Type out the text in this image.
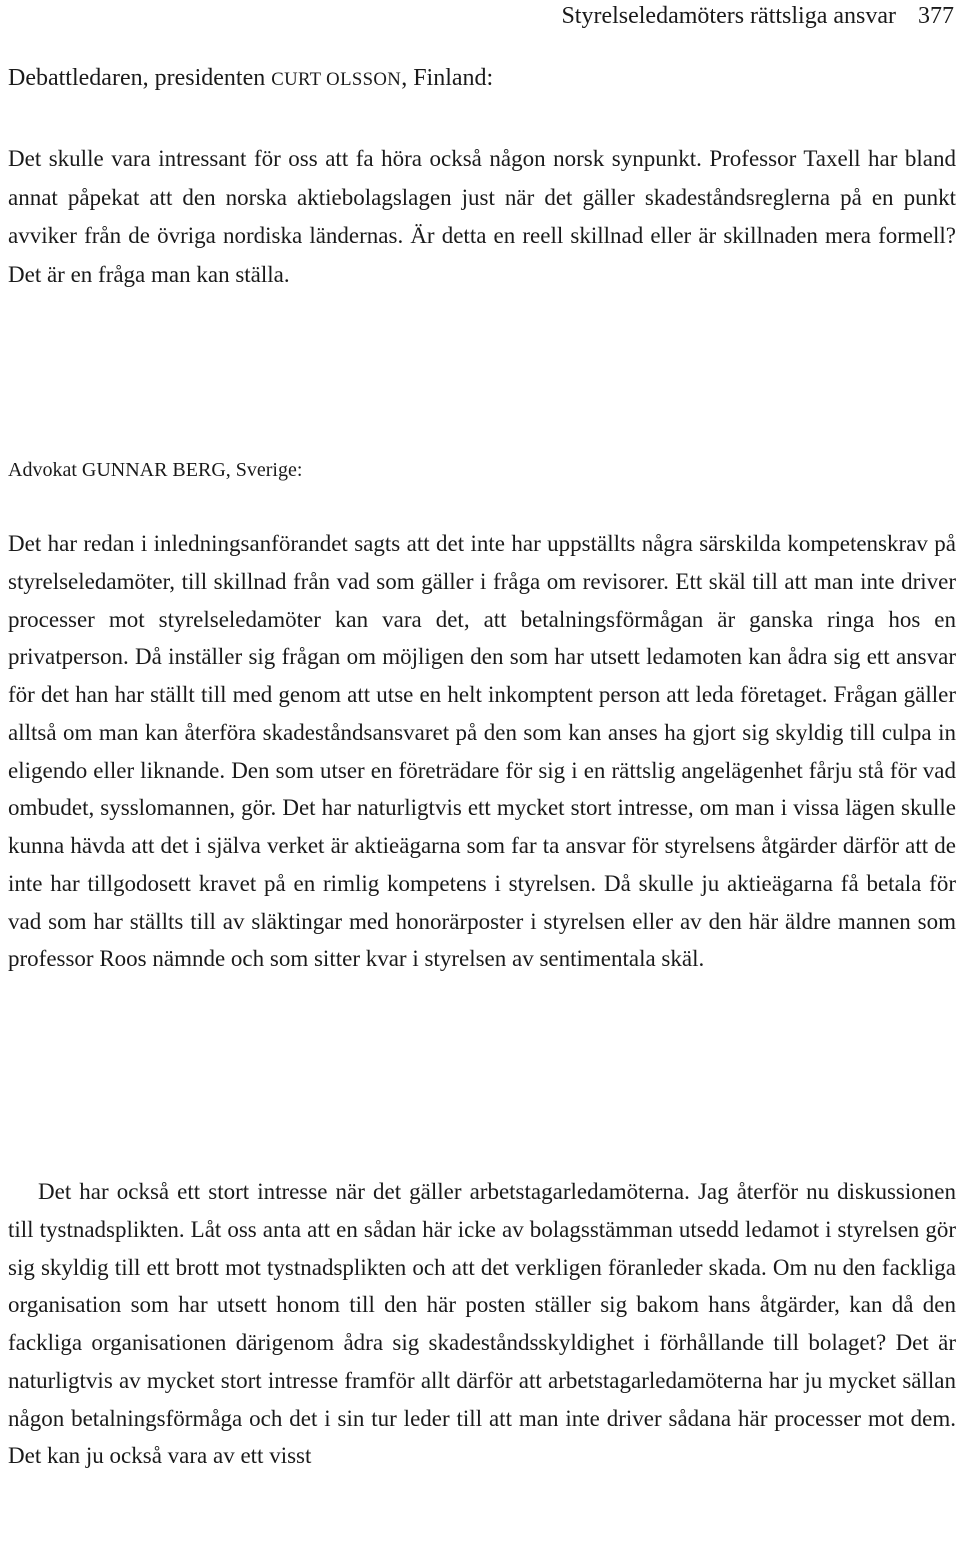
Styrelseledamöters rättsliga ansvar 377
Debattledaren, presidenten CURT OLSSON, Finland:

Det skulle vara intressant för oss att fa höra också någon norsk synpunkt. Professor Taxell har bland annat påpekat att den norska aktiebolagslagen just när det gäller skadeståndsreglerna på en punkt avviker från de övriga nordiska ländernas. Är detta en reell skillnad eller är skillnaden mera formell? Det är en fråga man kan ställa.

Advokat GUNNAR BERG, Sverige:

Det har redan i inledningsanförandet sagts att det inte har uppställts några särskilda kompetenskrav på styrelseledamöter, till skillnad från vad som gäller i fråga om revisorer. Ett skäl till att man inte driver processer mot styrelseledamöter kan vara det, att betalningsförmågan är ganska ringa hos en privatperson. Då inställer sig frågan om möjligen den som har utsett ledamoten kan ådra sig ett ansvar för det han har ställt till med genom att utse en helt inkomptent person att leda företaget. Frågan gäller alltså om man kan återföra skadeståndsansvaret på den som kan anses ha gjort sig skyldig till culpa in eligendo eller liknande. Den som utser en företrädare för sig i en rättslig angelägenhet fårju stå för vad ombudet, sysslomannen, gör. Det har naturligtvis ett mycket stort intresse, om man i vissa lägen skulle kunna hävda att det i själva verket är aktieägarna som far ta ansvar för styrelsens åtgärder därför att de inte har tillgodosett kravet på en rimlig kompetens i styrelsen. Då skulle ju aktieägarna få betala för vad som har ställts till av släktingar med honorärposter i styrelsen eller av den här äldre mannen som professor Roos nämnde och som sitter kvar i styrelsen av sentimentala skäl.

Det har också ett stort intresse när det gäller arbetstagarledamöterna. Jag återför nu diskussionen till tystnadsplikten. Låt oss anta att en sådan här icke av bolagsstämman utsedd ledamot i styrelsen gör sig skyldig till ett brott mot tystnadsplikten och att det verkligen föranleder skada. Om nu den fackliga organisation som har utsett honom till den här posten ställer sig bakom hans åtgärder, kan då den fackliga organisationen därigenom ådra sig skadeståndsskyldighet i förhållande till bolaget? Det är naturligtvis av mycket stort intresse framför allt därför att arbetstagarledamöterna har ju mycket sällan någon betalningsförmåga och det i sin tur leder till att man inte driver sådana här processer mot dem. Det kan ju också vara av ett visst
